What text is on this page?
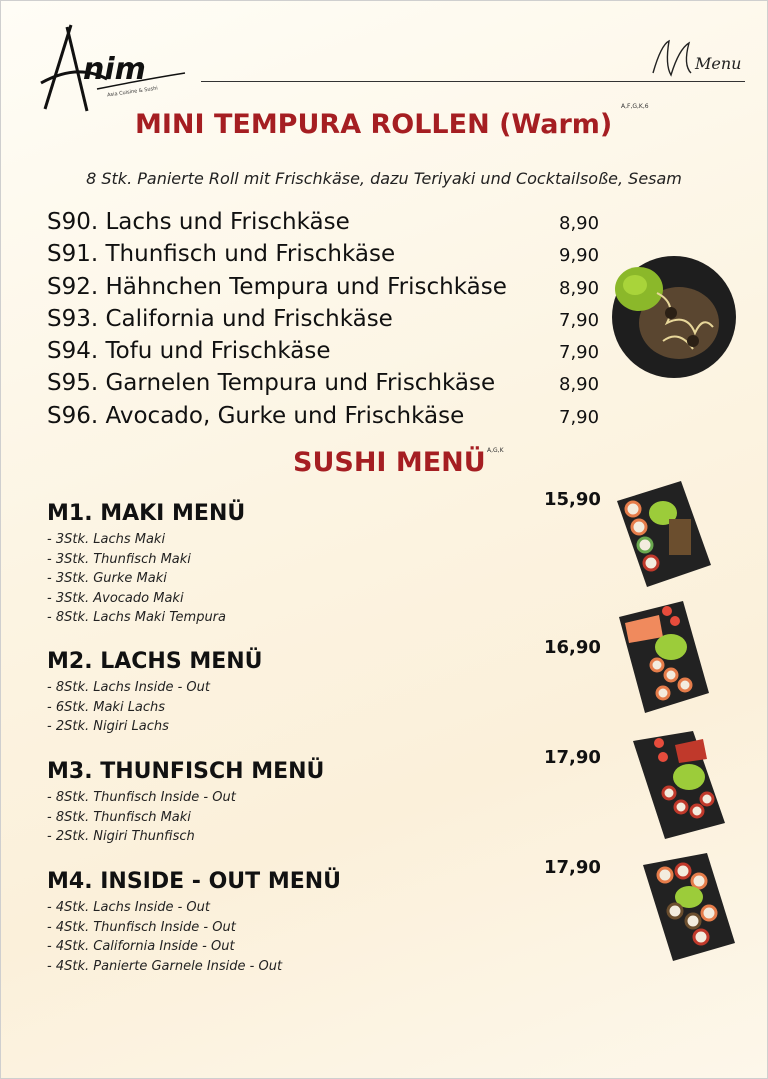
nim
Asia Cuisine & Sushi
Menu
MINI TEMPURA ROLLEN (Warm)
A,F,G,K,6
8 Stk. Panierte Roll mit Frischkäse, dazu Teriyaki und Cocktailsoße, Sesam
S90. Lachs und Frischkäse	8,90
S91. Thunfisch und Frischkäse	9,90
S92. Hähnchen Tempura und Frischkäse	8,90
S93. California und Frischkäse	7,90
S94. Tofu und Frischkäse	7,90
S95. Garnelen Tempura und Frischkäse	8,90
S96. Avocado, Gurke und Frischkäse	7,90
SUSHI MENÜ A,G,K
M1. MAKI MENÜ
15,90
- 3Stk. Lachs Maki
- 3Stk. Thunfisch Maki
- 3Stk. Gurke Maki
- 3Stk. Avocado Maki
- 8Stk. Lachs Maki Tempura
M2. LACHS MENÜ
16,90
- 8Stk. Lachs Inside - Out
- 6Stk. Maki Lachs
- 2Stk. Nigiri Lachs
M3. THUNFISCH MENÜ
17,90
- 8Stk. Thunfisch Inside - Out
- 8Stk. Thunfisch Maki
- 2Stk. Nigiri Thunfisch
M4. INSIDE - OUT MENÜ
17,90
- 4Stk. Lachs Inside - Out
- 4Stk. Thunfisch Inside - Out
- 4Stk. California Inside - Out
- 4Stk. Panierte Garnele Inside - Out
